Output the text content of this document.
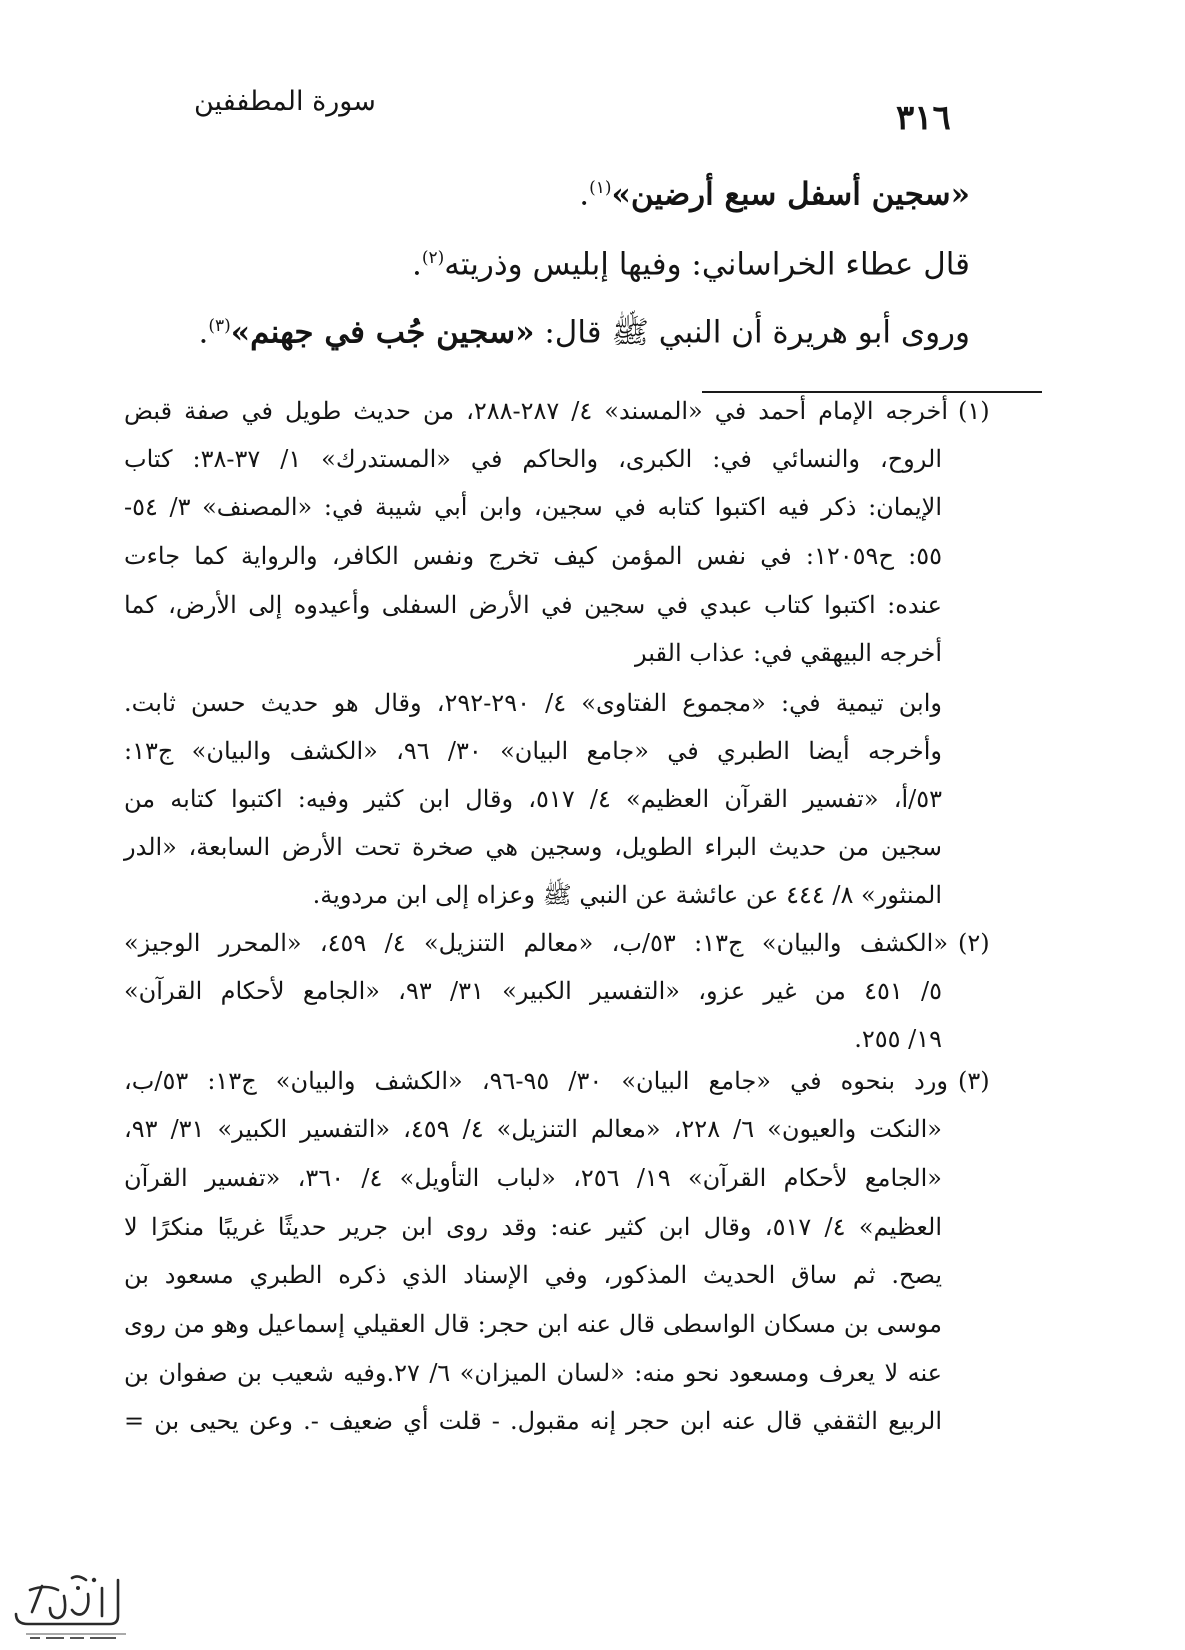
سورة المطففين	٣١٦
«سجين أسفل سبع أرضين»$^{(١)}$.
قال عطاء الخراساني: وفيها إبليس وذريته$^{(٢)}$.
وروى أبو هريرة أن النبي ﷺ قال: «سجين جُب في جهنم»$^{(٣)}$.
(١)
(٢)
(٣)
أخرجه الإمام أحمد في «المسند» ٤/ ٢٨٧-٢٨٨، من حديث طويل في صفة قبض
الروح، والنسائي في: الكبرى، والحاكم في «المستدرك» ١/ ٣٧-٣٨: كتاب
الإيمان: ذكر فيه اكتبوا كتابه في سجين، وابن أبي شيبة في: «المصنف» ٣/ ٥٤-
٥٥: ح١٢٠٥٩: في نفس المؤمن كيف تخرج ونفس الكافر، والرواية كما جاءت
عنده: اكتبوا كتاب عبدي في سجين في الأرض السفلى وأعيدوه إلى الأرض، كما
أخرجه البيهقي في: عذاب القبر
وابن تيمية في: «مجموع الفتاوى» ٤/ ٢٩٠-٢٩٢، وقال هو حديث حسن ثابت.
وأخرجه أيضا الطبري في «جامع البيان» ٣٠/ ٩٦، «الكشف والبيان» ج١٣:
٥٣/أ، «تفسير القرآن العظيم» ٤/ ٥١٧، وقال ابن كثير وفيه: اكتبوا كتابه من
سجين من حديث البراء الطويل، وسجين هي صخرة تحت الأرض السابعة، «الدر
المنثور» ٨/ ٤٤٤ عن عائشة عن النبي ﷺ وعزاه إلى ابن مردوية.
«الكشف والبيان» ج١٣: ٥٣/ب، «معالم التنزيل» ٤/ ٤٥٩، «المحرر الوجيز»
٥/ ٤٥١ من غير عزو، «التفسير الكبير» ٣١/ ٩٣، «الجامع لأحكام القرآن»
١٩/ ٢٥٥.
ورد بنحوه في «جامع البيان» ٣٠/ ٩٥-٩٦، «الكشف والبيان» ج١٣: ٥٣/ب،
«النكت والعيون» ٦/ ٢٢٨، «معالم التنزيل» ٤/ ٤٥٩، «التفسير الكبير» ٣١/ ٩٣،
«الجامع لأحكام القرآن» ١٩/ ٢٥٦، «لباب التأويل» ٤/ ٣٦٠، «تفسير القرآن
العظيم» ٤/ ٥١٧، وقال ابن كثير عنه: وقد روى ابن جرير حديثًا غريبًا منكرًا لا
يصح. ثم ساق الحديث المذكور، وفي الإسناد الذي ذكره الطبري مسعود بن
موسى بن مسكان الواسطى قال عنه ابن حجر: قال العقيلي إسماعيل وهو من روى
عنه لا يعرف ومسعود نحو منه: «لسان الميزان» ٦/ ٢٧.وفيه شعيب بن صفوان بن
الربيع الثقفي قال عنه ابن حجر إنه مقبول. - قلت أي ضعيف -. وعن يحيى بن =
